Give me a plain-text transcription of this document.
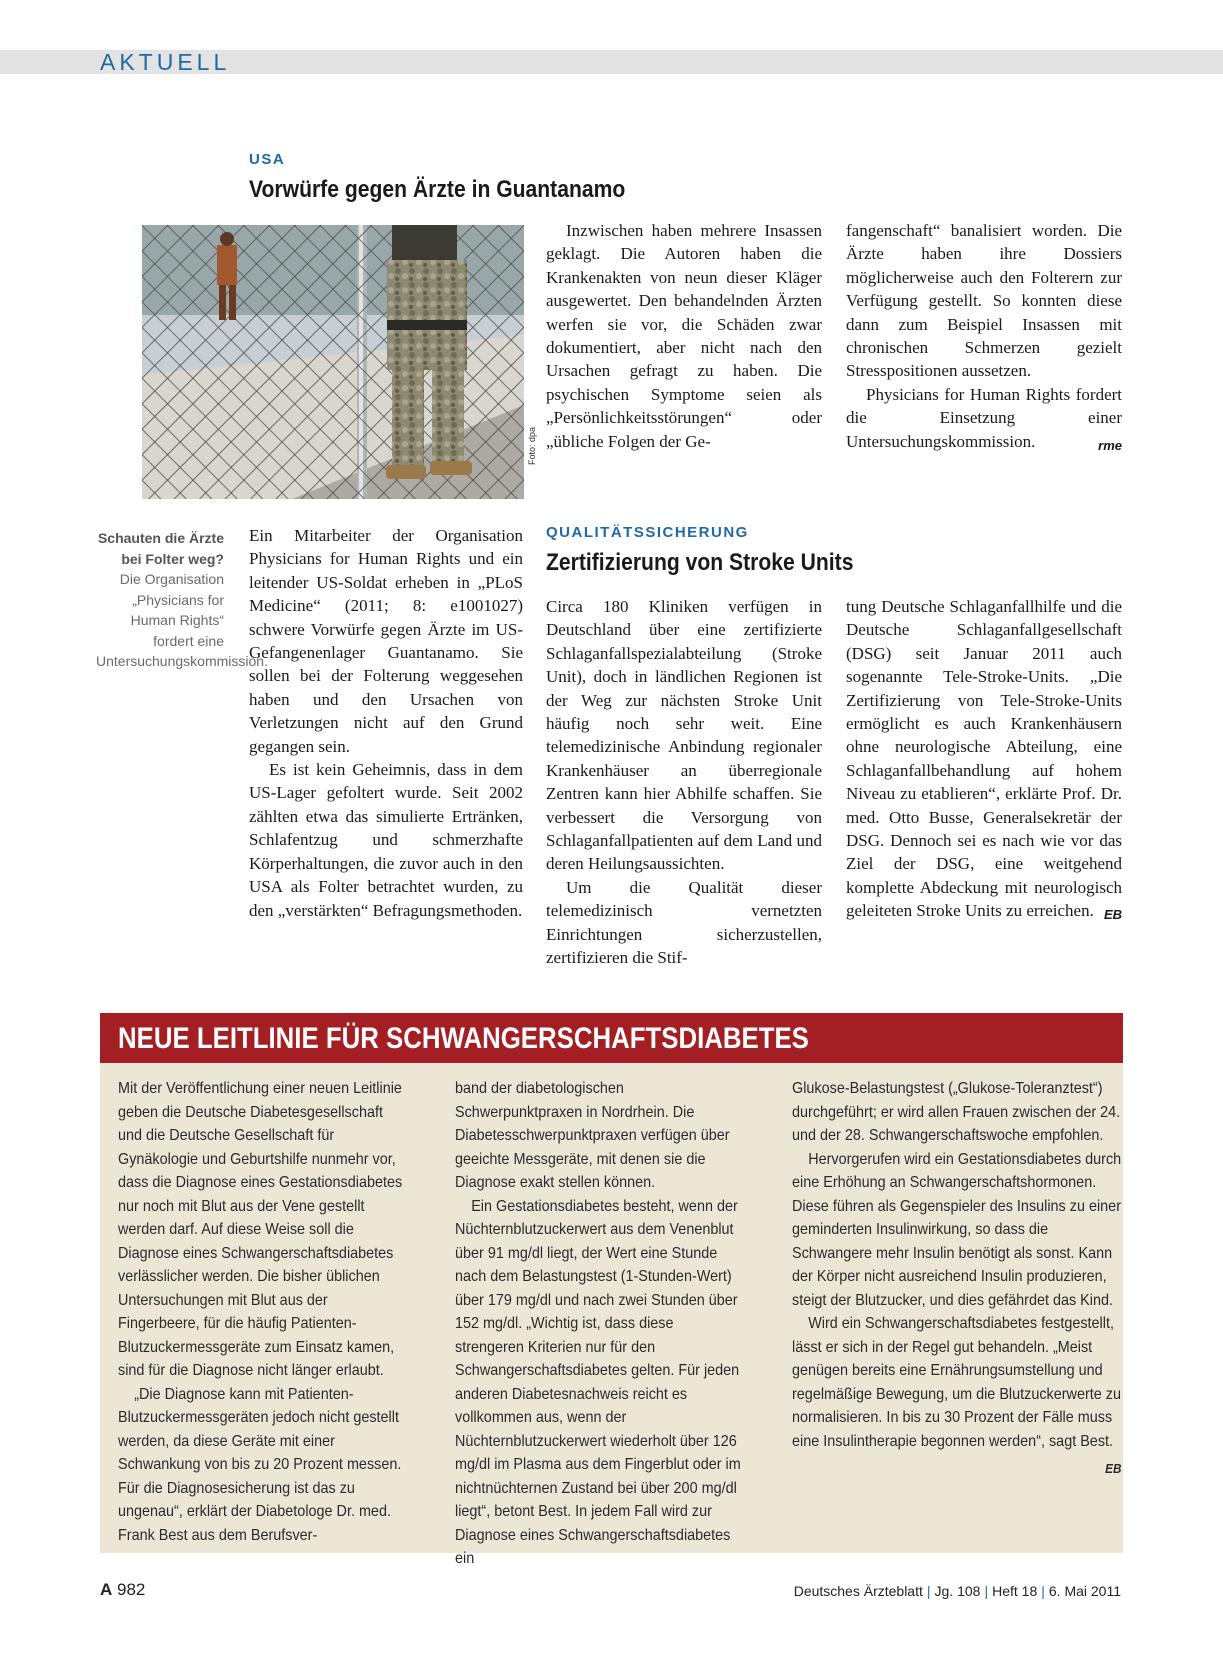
AKTUELL
USA
Vorwürfe gegen Ärzte in Guantanamo
Foto: dpa

Inzwischen haben mehrere Insassen geklagt. Die Autoren haben die Krankenakten von neun dieser Kläger ausgewertet. Den behandelnden Ärzten werfen sie vor, die Schäden zwar dokumentiert, aber nicht nach den Ursachen gefragt zu haben. Die psychischen Symptome seien als „Persönlichkeitsstörungen“ oder „übliche Folgen der Ge-

fangenschaft“ banalisiert worden. Die Ärzte haben ihre Dossiers möglicherweise auch den Folterern zur Verfügung gestellt. So konnten diese dann zum Beispiel Insassen mit chronischen Schmerzen gezielt Stresspositionen aussetzen.

Physicians for Human Rights fordert die Einsetzung einer Untersuchungskommission.	rme

Schauten die Ärzte bei Folter weg?
Die Organisation „Physicians for Human Rights“ fordert eine Untersuchungskommission.

Ein Mitarbeiter der Organisation Physicians for Human Rights und ein leitender US-Soldat erheben in „PLoS Medicine“ (2011; 8: e1001027) schwere Vorwürfe gegen Ärzte im US-Gefangenenlager Guantanamo. Sie sollen bei der Folterung weggesehen haben und den Ursachen von Verletzungen nicht auf den Grund gegangen sein.

Es ist kein Geheimnis, dass in dem US-Lager gefoltert wurde. Seit 2002 zählten etwa das simulierte Ertränken, Schlafentzug und schmerzhafte Körperhaltungen, die zuvor auch in den USA als Folter betrachtet wurden, zu den „verstärkten“ Befragungsmethoden.

QUALITÄTSSICHERUNG
Zertifizierung von Stroke Units

Circa 180 Kliniken verfügen in Deutschland über eine zertifizierte Schlaganfallspezialabteilung (Stroke Unit), doch in ländlichen Regionen ist der Weg zur nächsten Stroke Unit häufig noch sehr weit. Eine telemedizinische Anbindung regionaler Krankenhäuser an überregionale Zentren kann hier Abhilfe schaffen. Sie verbessert die Versorgung von Schlaganfallpatienten auf dem Land und deren Heilungsaussichten.

Um die Qualität dieser telemedizinisch vernetzten Einrichtungen sicherzustellen, zertifizieren die Stif-

tung Deutsche Schlaganfallhilfe und die Deutsche Schlaganfallgesellschaft (DSG) seit Januar 2011 auch sogenannte Tele-Stroke-Units. „Die Zertifizierung von Tele-Stroke-Units ermöglicht es auch Krankenhäusern ohne neurologische Abteilung, eine Schlaganfallbehandlung auf hohem Niveau zu etablieren“, erklärte Prof. Dr. med. Otto Busse, Generalsekretär der DSG. Dennoch sei es nach wie vor das Ziel der DSG, eine weitgehend komplette Abdeckung mit neurologisch geleiteten Stroke Units zu erreichen. EB

NEUE LEITLINIE FÜR SCHWANGERSCHAFTSDIABETES

Mit der Veröffentlichung einer neuen Leitlinie geben die Deutsche Diabetesgesellschaft und die Deutsche Gesellschaft für Gynäkologie und Geburtshilfe nunmehr vor, dass die Diagnose eines Gestationsdiabetes nur noch mit Blut aus der Vene gestellt werden darf. Auf diese Weise soll die Diagnose eines Schwangerschaftsdiabetes verlässlicher werden. Die bisher üblichen Untersuchungen mit Blut aus der Fingerbeere, für die häufig Patienten-Blutzuckermessgeräte zum Einsatz kamen, sind für die Diagnose nicht länger erlaubt.

„Die Diagnose kann mit Patienten-Blutzuckermessgeräten jedoch nicht gestellt werden, da diese Geräte mit einer Schwankung von bis zu 20 Prozent messen. Für die Diagnosesicherung ist das zu ungenau“, erklärt der Diabetologe Dr. med. Frank Best aus dem Berufsver-

band der diabetologischen Schwerpunktpraxen in Nordrhein. Die Diabetesschwerpunktpraxen verfügen über geeichte Messgeräte, mit denen sie die Diagnose exakt stellen können.

Ein Gestationsdiabetes besteht, wenn der Nüchternblutzuckerwert aus dem Venenblut über 91 mg/dl liegt, der Wert eine Stunde nach dem Belastungstest (1-Stunden-Wert) über 179 mg/dl und nach zwei Stunden über 152 mg/dl. „Wichtig ist, dass diese strengeren Kriterien nur für den Schwangerschaftsdiabetes gelten. Für jeden anderen Diabetesnachweis reicht es vollkommen aus, wenn der Nüchternblutzuckerwert wiederholt über 126 mg/dl im Plasma aus dem Fingerblut oder im nichtnüchternen Zustand bei über 200 mg/dl liegt“, betont Best. In jedem Fall wird zur Diagnose eines Schwangerschaftsdiabetes ein

Glukose-Belastungstest („Glukose-Toleranztest“) durchgeführt; er wird allen Frauen zwischen der 24. und der 28. Schwangerschaftswoche empfohlen.

Hervorgerufen wird ein Gestationsdiabetes durch eine Erhöhung an Schwangerschaftshormonen. Diese führen als Gegenspieler des Insulins zu einer geminderten Insulinwirkung, so dass die Schwangere mehr Insulin benötigt als sonst. Kann der Körper nicht ausreichend Insulin produzieren, steigt der Blutzucker, und dies gefährdet das Kind.

Wird ein Schwangerschaftsdiabetes festgestellt, lässt er sich in der Regel gut behandeln. „Meist genügen bereits eine Ernährungsumstellung und regelmäßige Bewegung, um die Blutzuckerwerte zu normalisieren. In bis zu 30 Prozent der Fälle muss eine Insulintherapie begonnen werden“, sagt Best.
EB

A 982	Deutsches Ärzteblatt | Jg. 108 | Heft 18 | 6. Mai 2011
